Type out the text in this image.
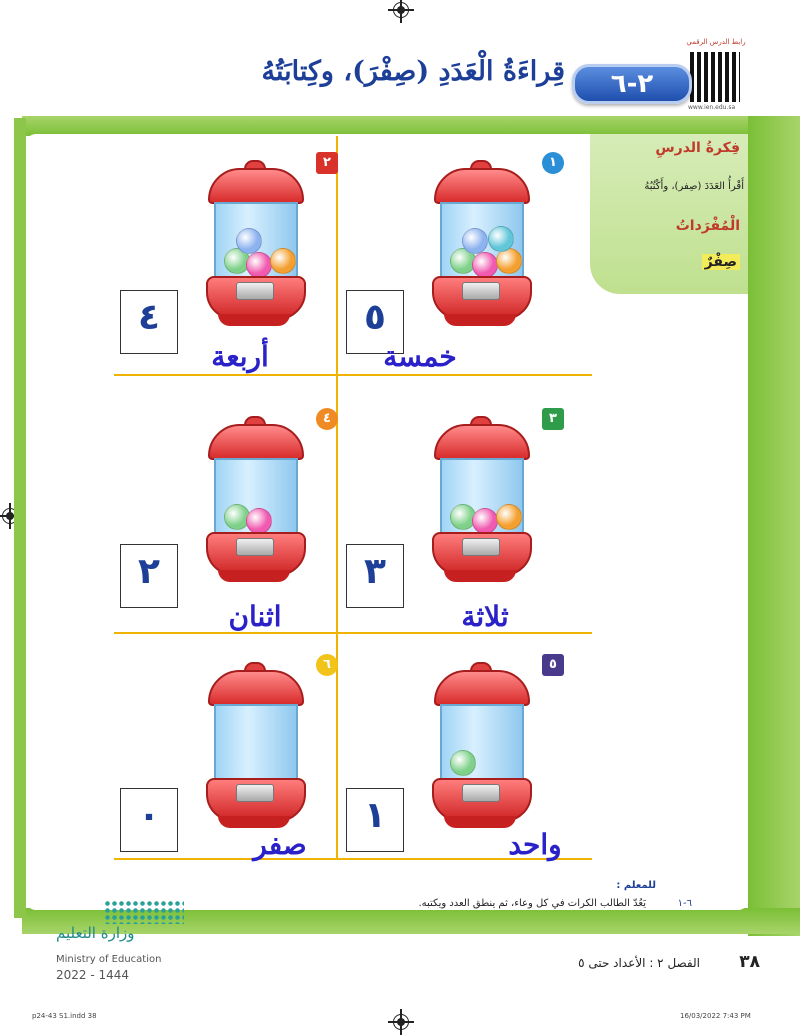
رابط الدرس الرقمي
www.ien.edu.sa
٢-٦
قِراءَةُ الْعَدَدِ (صِفْرَ)، وكِتابَتُهُ
فِكرةُ الدرسِ
أَقْرأُ العَدَدَ (صِفر)، وأَكْتُبُهُ
الْمُفْرَداتُ
صِفْرٌ
١
٥
خمسة
٢
٤
أربعة
٣
٣
ثلاثة
٤
٢
اثنان
٥
١
واحد
٦
٠
صفر
للمعلم :
٦-١
يَعُدّ الطالب الكرات في كل وعاء، ثم ينطق العدد ويكتبه.
وزارة التعليم
Ministry of Education
2022 - 1444
الفصل ٢ : الأعداد حتى ٥	٣٨
p24-43 S1.indd 38	16/03/2022 7:43 PM
